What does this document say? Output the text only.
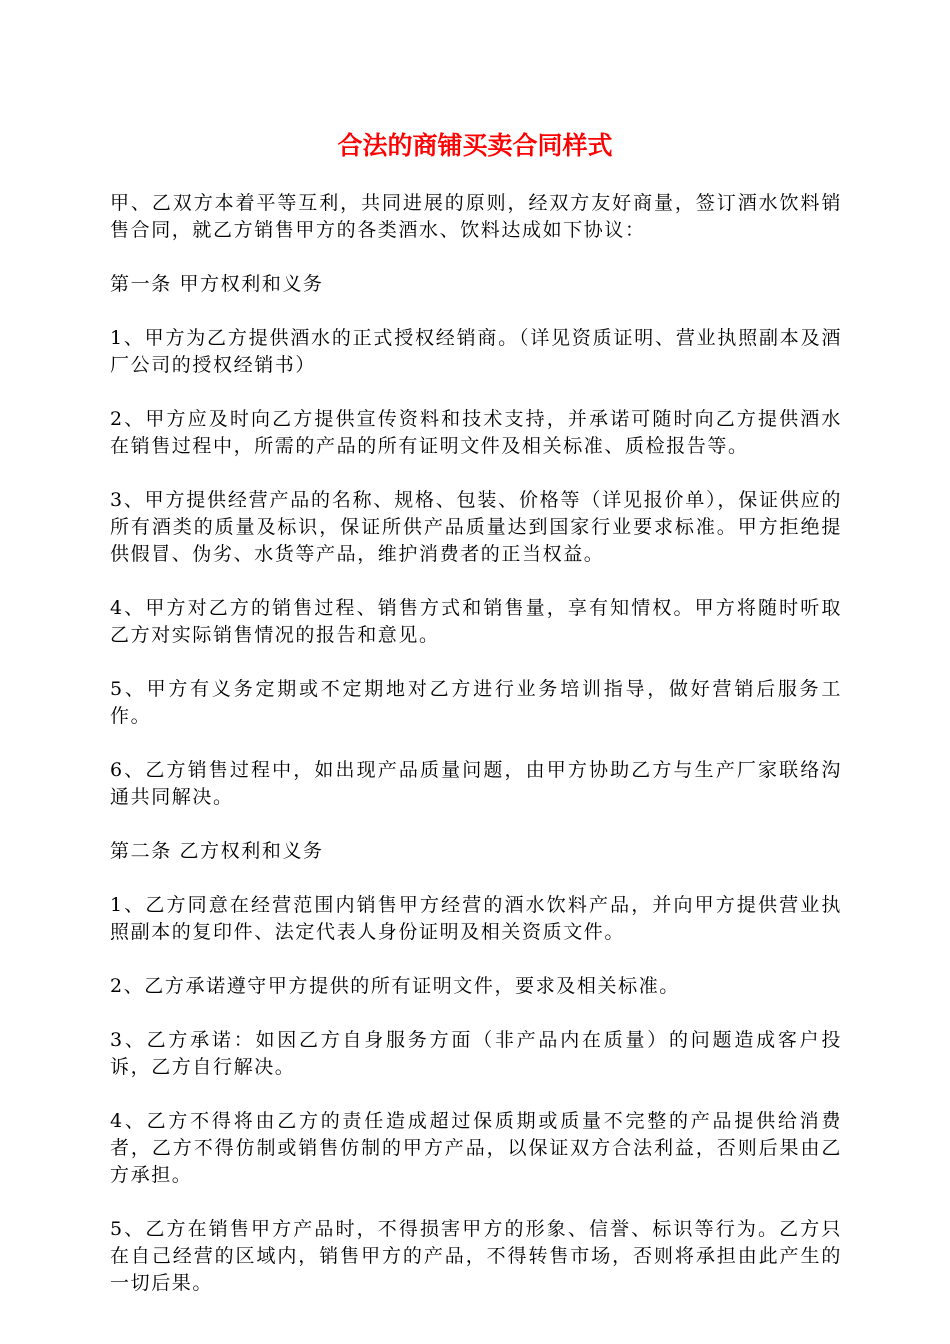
合法的商铺买卖合同样式

甲、乙双方本着平等互利，共同进展的原则，经双方友好商量，签订酒水饮料销售合同，就乙方销售甲方的各类酒水、饮料达成如下协议：

第一条 甲方权利和义务

1、甲方为乙方提供酒水的正式授权经销商。（详见资质证明、营业执照副本及酒厂公司的授权经销书）

2、甲方应及时向乙方提供宣传资料和技术支持，并承诺可随时向乙方提供酒水在销售过程中，所需的产品的所有证明文件及相关标准、质检报告等。

3、甲方提供经营产品的名称、规格、包装、价格等（详见报价单），保证供应的所有酒类的质量及标识，保证所供产品质量达到国家行业要求标准。甲方拒绝提供假冒、伪劣、水货等产品，维护消费者的正当权益。

4、甲方对乙方的销售过程、销售方式和销售量，享有知情权。甲方将随时听取乙方对实际销售情况的报告和意见。

5、甲方有义务定期或不定期地对乙方进行业务培训指导，做好营销后服务工作。

6、乙方销售过程中，如出现产品质量问题，由甲方协助乙方与生产厂家联络沟通共同解决。

第二条 乙方权利和义务

1、乙方同意在经营范围内销售甲方经营的酒水饮料产品，并向甲方提供营业执照副本的复印件、法定代表人身份证明及相关资质文件。

2、乙方承诺遵守甲方提供的所有证明文件，要求及相关标准。

3、乙方承诺：如因乙方自身服务方面（非产品内在质量）的问题造成客户投诉，乙方自行解决。

4、乙方不得将由乙方的责任造成超过保质期或质量不完整的产品提供给消费者，乙方不得仿制或销售仿制的甲方产品，以保证双方合法利益，否则后果由乙方承担。

5、乙方在销售甲方产品时，不得损害甲方的形象、信誉、标识等行为。乙方只在自己经营的区域内，销售甲方的产品，不得转售市场，否则将承担由此产生的一切后果。
